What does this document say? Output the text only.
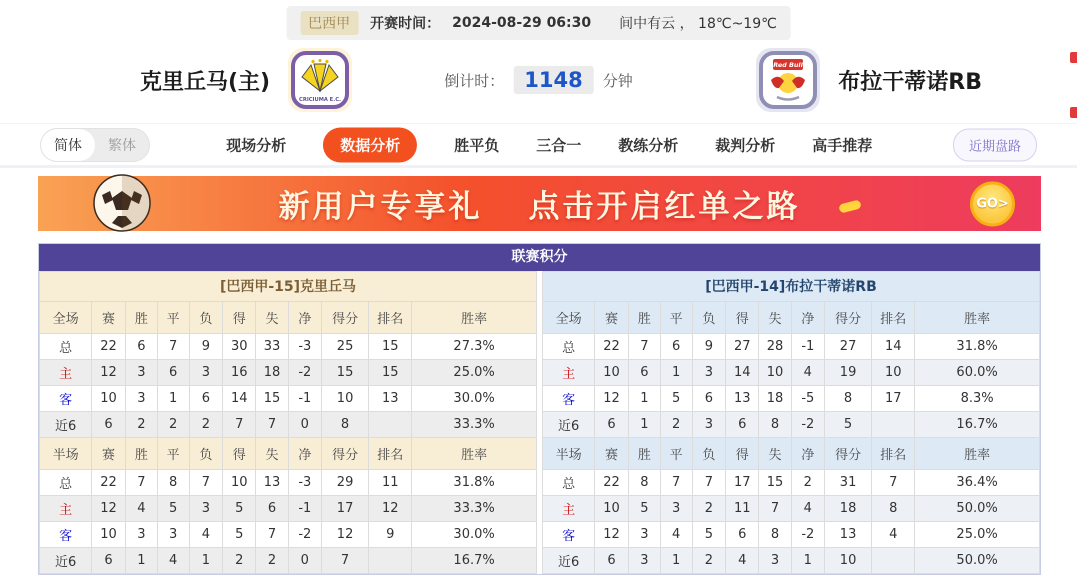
巴西甲	开赛时间： 2024-08-29 06:30 间中有云 ， 18℃~19℃
克里丘马(主)
CRICIUMA E.C.
倒计时： 1148	分钟
Red Bull
布拉干蒂诺RB
简体	繁体	现场分析	数据分析	胜平负 三合一 教练分析 裁判分析 高手推荐	近期盘路
新用户专享礼 点击开启红单之路	GO>
联赛积分
[巴西甲-15]克里丘马
全场	赛	胜	平	负	得	失	净	得分	排名	胜率
总	22	6	7	9	30	33	-3	25	15	27.3%
主	12	3	6	3	16	18	-2	15	15	25.0%
客	10	3	1	6	14	15	-1	10	13	30.0%
近6	6	2	2	2	7	7	0	8		33.3%
半场	赛	胜	平	负	得	失	净	得分	排名	胜率
总	22	7	8	7	10	13	-3	29	11	31.8%
主	12	4	5	3	5	6	-1	17	12	33.3%
客	10	3	3	4	5	7	-2	12	9	30.0%
近6	6	1	4	1	2	2	0	7		16.7%
[巴西甲-14]布拉干蒂诺RB
全场	赛	胜	平	负	得	失	净	得分	排名	胜率
总	22	7	6	9	27	28	-1	27	14	31.8%
主	10	6	1	3	14	10	4	19	10	60.0%
客	12	1	5	6	13	18	-5	8	17	8.3%
近6	6	1	2	3	6	8	-2	5		16.7%
半场	赛	胜	平	负	得	失	净	得分	排名	胜率
总	22	8	7	7	17	15	2	31	7	36.4%
主	10	5	3	2	11	7	4	18	8	50.0%
客	12	3	4	5	6	8	-2	13	4	25.0%
近6	6	3	1	2	4	3	1	10		50.0%
